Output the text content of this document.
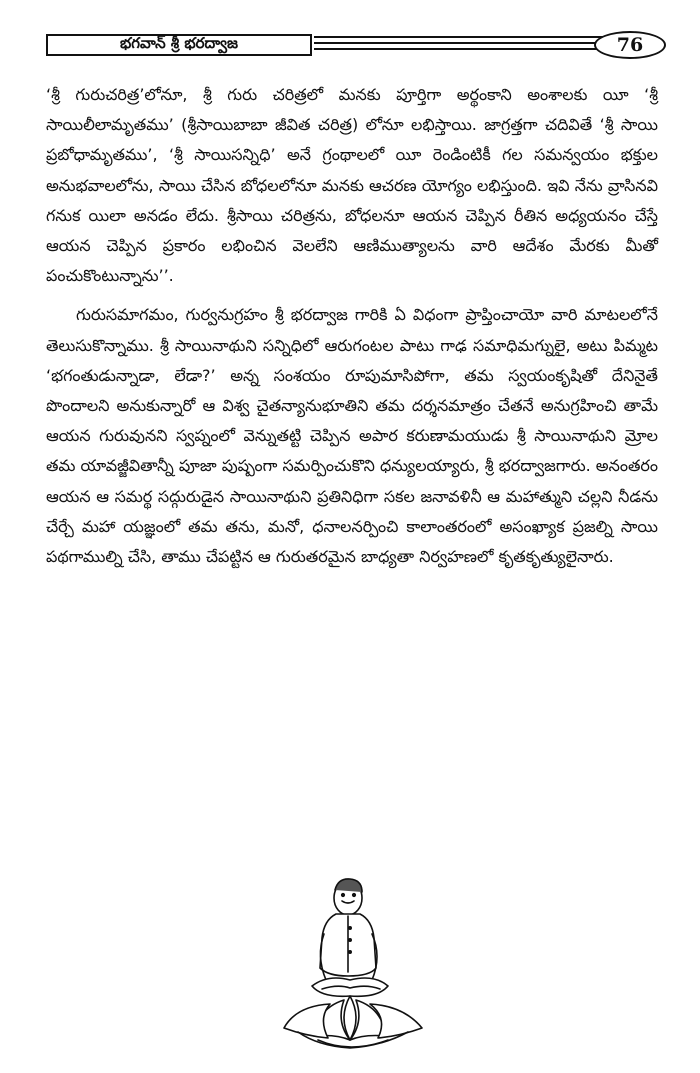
భగవాన్ శ్రీ భరద్వాజ	76

‘శ్రీ గురుచరిత్ర’లోనూ, శ్రీ గురు చరిత్రలో మనకు పూర్తిగా అర్థంకాని అంశాలకు యీ ‘శ్రీ సాయిలీలామృతము’ (శ్రీసాయిబాబా జీవిత చరిత్ర) లోనూ లభిస్తాయి. జాగ్రత్తగా చదివితే ‘శ్రీ సాయి ప్రబోధామృతము’, ‘శ్రీ సాయిసన్నిధి’ అనే గ్రంథాలలో యీ రెండింటికీ గల సమన్వయం భక్తుల అనుభవాలలోను, సాయి చేసిన బోధలలోనూ మనకు ఆచరణ యోగ్యం లభిస్తుంది. ఇవి నేను వ్రాసినవి గనుక యిలా అనడం లేదు. శ్రీసాయి చరిత్రను, బోధలనూ ఆయన చెప్పిన రీతిన అధ్యయనం చేస్తే ఆయన చెప్పిన ప్రకారం లభించిన వెలలేని ఆణిముత్యాలను వారి ఆదేశం మేరకు మీతో పంచుకొంటున్నాను’’.

గురుసమాగమం, గుర్వనుగ్రహం శ్రీ భరద్వాజ గారికి ఏ విధంగా ప్రాప్తించాయో వారి మాటలలోనే తెలుసుకొన్నాము. శ్రీ సాయినాథుని సన్నిధిలో ఆరుగంటల పాటు గాఢ సమాధిమగ్నులై, అటు పిమ్మట ‘భగంతుడున్నాడా, లేడా?’ అన్న సంశయం రూపుమాసిపోగా, తమ స్వయంకృషితో దేనినైతే పొందాలని అనుకున్నారో ఆ విశ్వ చైతన్యానుభూతిని తమ దర్శనమాత్రం చేతనే అనుగ్రహించి తామే ఆయన గురువునని స్వప్నంలో వెన్నుతట్టి చెప్పిన అపార కరుణామయుడు శ్రీ సాయినాథుని మ్రోల తమ యావజ్జీవితాన్నీ పూజా పుష్పంగా సమర్పించుకొని ధన్యులయ్యారు, శ్రీ భరద్వాజగారు. అనంతరం ఆయన ఆ సమర్థ సద్గురుడైన సాయినాథుని ప్రతినిధిగా సకల జనావళినీ ఆ మహాత్ముని చల్లని నీడను చేర్చే మహా యజ్ఞంలో తమ తను, మనో, ధనాలనర్పించి కాలాంతరంలో అసంఖ్యాక ప్రజల్ని సాయి పథగాముల్ని చేసి, తాము చేపట్టిన ఆ గురుతరమైన బాధ్యతా నిర్వహణలో కృతకృత్యులైనారు.
